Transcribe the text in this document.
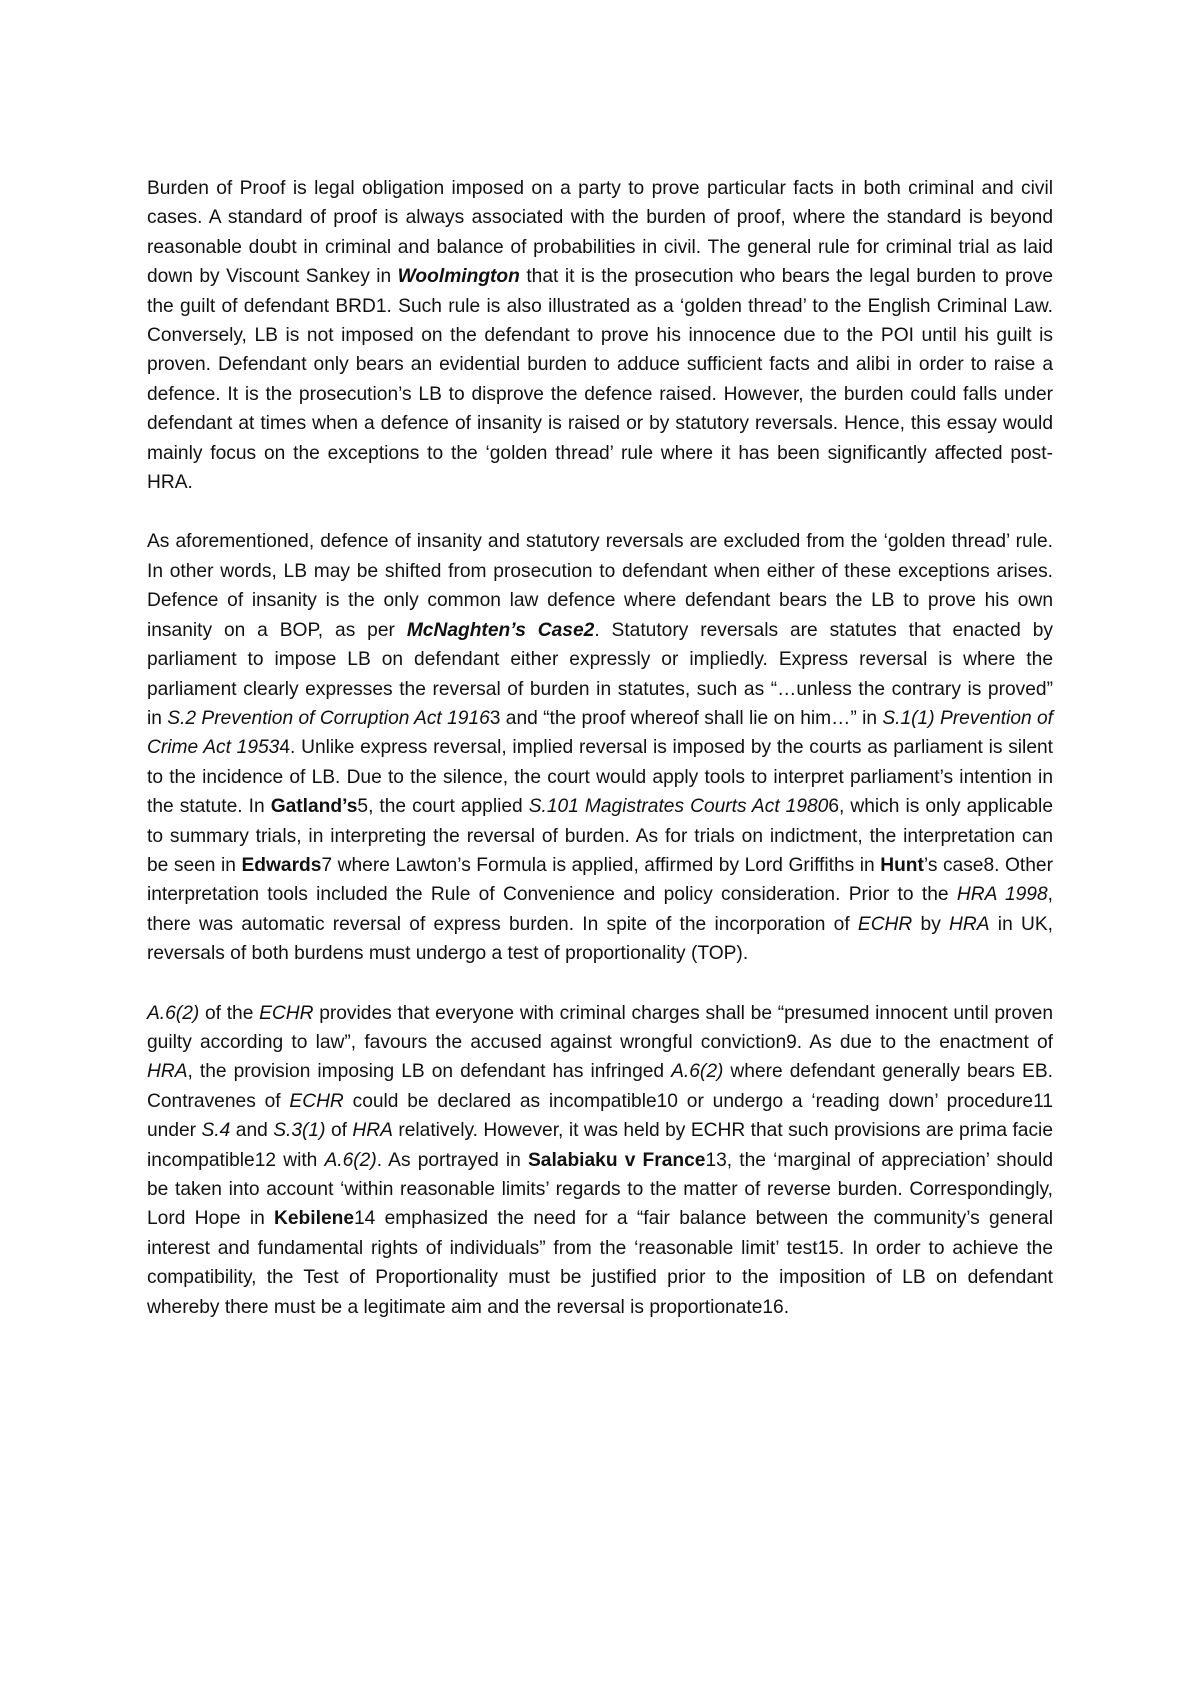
Burden of Proof is legal obligation imposed on a party to prove particular facts in both criminal and civil cases. A standard of proof is always associated with the burden of proof, where the standard is beyond reasonable doubt in criminal and balance of probabilities in civil. The general rule for criminal trial as laid down by Viscount Sankey in Woolmington that it is the prosecution who bears the legal burden to prove the guilt of defendant BRD1. Such rule is also illustrated as a ‘golden thread’ to the English Criminal Law. Conversely, LB is not imposed on the defendant to prove his innocence due to the POI until his guilt is proven. Defendant only bears an evidential burden to adduce sufficient facts and alibi in order to raise a defence. It is the prosecution’s LB to disprove the defence raised. However, the burden could falls under defendant at times when a defence of insanity is raised or by statutory reversals. Hence, this essay would mainly focus on the exceptions to the ‘golden thread’ rule where it has been significantly affected post-HRA.

As aforementioned, defence of insanity and statutory reversals are excluded from the ‘golden thread’ rule. In other words, LB may be shifted from prosecution to defendant when either of these exceptions arises. Defence of insanity is the only common law defence where defendant bears the LB to prove his own insanity on a BOP, as per McNaghten’s Case2. Statutory reversals are statutes that enacted by parliament to impose LB on defendant either expressly or impliedly. Express reversal is where the parliament clearly expresses the reversal of burden in statutes, such as “…unless the contrary is proved” in S.2 Prevention of Corruption Act 19163 and “the proof whereof shall lie on him…” in S.1(1) Prevention of Crime Act 19534. Unlike express reversal, implied reversal is imposed by the courts as parliament is silent to the incidence of LB. Due to the silence, the court would apply tools to interpret parliament’s intention in the statute. In Gatland’s5, the court applied S.101 Magistrates Courts Act 19806, which is only applicable to summary trials, in interpreting the reversal of burden. As for trials on indictment, the interpretation can be seen in Edwards7 where Lawton’s Formula is applied, affirmed by Lord Griffiths in Hunt’s case8. Other interpretation tools included the Rule of Convenience and policy consideration. Prior to the HRA 1998, there was automatic reversal of express burden. In spite of the incorporation of ECHR by HRA in UK, reversals of both burdens must undergo a test of proportionality (TOP).

A.6(2) of the ECHR provides that everyone with criminal charges shall be “presumed innocent until proven guilty according to law”, favours the accused against wrongful conviction9. As due to the enactment of HRA, the provision imposing LB on defendant has infringed A.6(2) where defendant generally bears EB. Contravenes of ECHR could be declared as incompatible10 or undergo a ‘reading down’ procedure11 under S.4 and S.3(1) of HRA relatively. However, it was held by ECHR that such provisions are prima facie incompatible12 with A.6(2). As portrayed in Salabiaku v France13, the ‘marginal of appreciation’ should be taken into account ‘within reasonable limits’ regards to the matter of reverse burden. Correspondingly, Lord Hope in Kebilene14 emphasized the need for a “fair balance between the community’s general interest and fundamental rights of individuals” from the ‘reasonable limit’ test15. In order to achieve the compatibility, the Test of Proportionality must be justified prior to the imposition of LB on defendant whereby there must be a legitimate aim and the reversal is proportionate16.
